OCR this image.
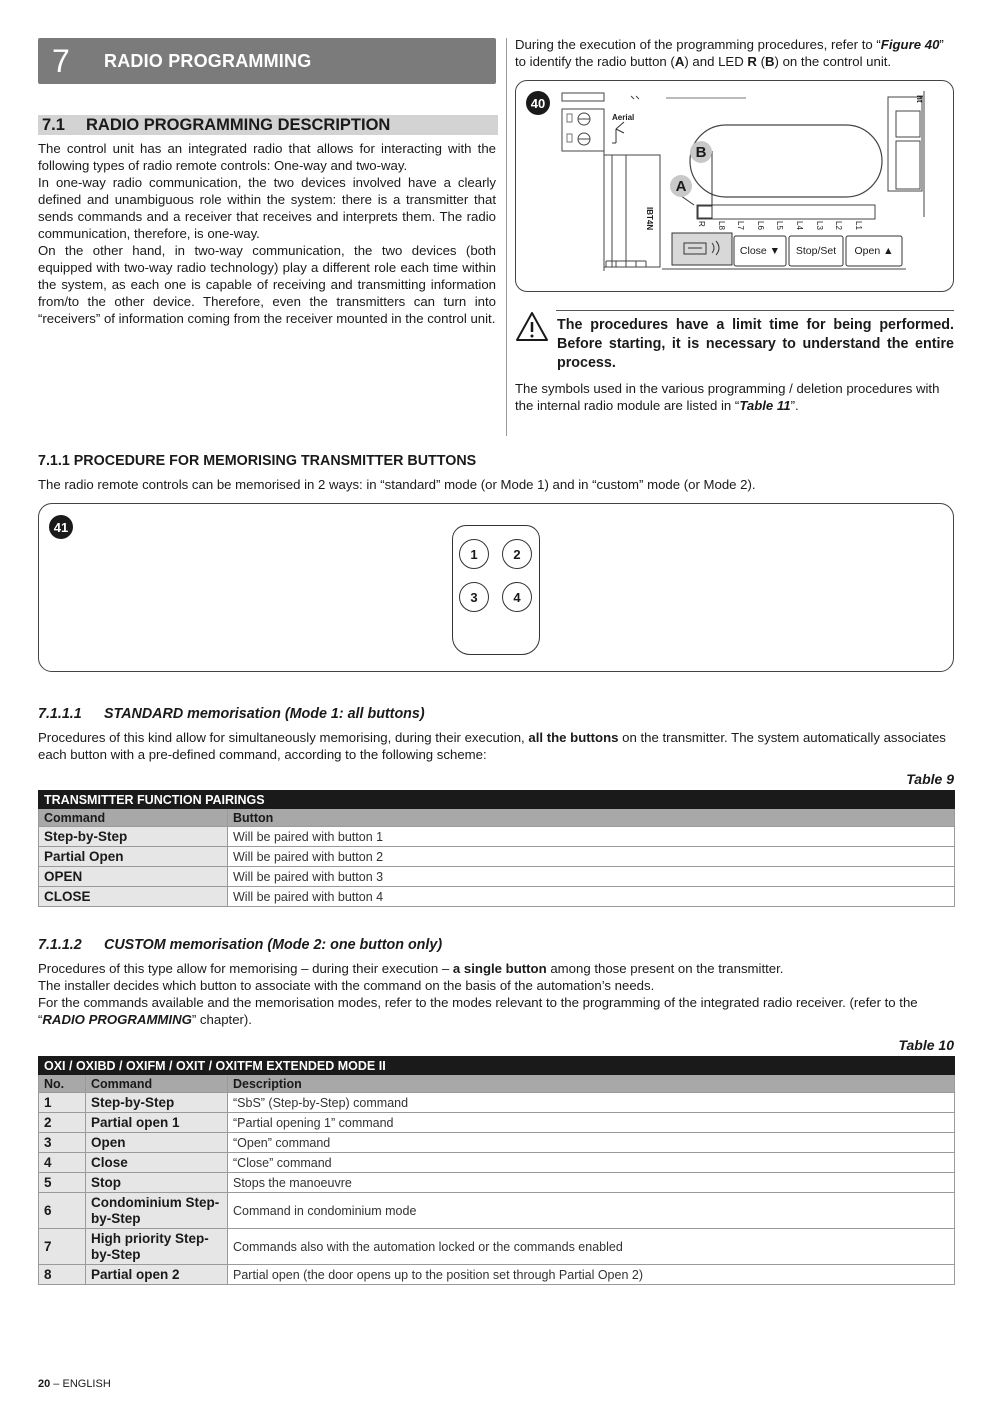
7	RADIO PROGRAMMING
7.1	RADIO PROGRAMMING DESCRIPTION

The control unit has an integrated radio that allows for interacting with the following types of radio remote controls: One-way and two-way.

In one-way radio communication, the two devices involved have a clearly defined and unambiguous role within the system: there is a transmitter that sends commands and a receiver that receives and interprets them. The radio communication, therefore, is one-way.

On the other hand, in two-way communication, the two devices (both equipped with two-way radio technology) play a different role each time within the system, as each one is capable of receiving and transmitting information from/to the other device. Therefore, even the transmitters can turn into “receivers” of information coming from the receiver mounted in the control unit.

During the execution of the programming procedures, refer to “Figure 40” to identify the radio button (A) and LED R (B) on the control unit.
40
Aerial
IBT4N
ht
A
B
R L8 L7 L6 L5 L4 L3 L2 L1
Close ▼	Stop/Set	Open ▲
The procedures have a limit time for being performed. Before starting, it is necessary to understand the entire process.
The symbols used in the various programming / deletion procedures with the internal radio module are listed in “Table 11”.
7.1.1 PROCEDURE FOR MEMORISING TRANSMITTER BUTTONS
The radio remote controls can be memorised in 2 ways: in “standard” mode (or Mode 1) and in “custom” mode (or Mode 2).
41
1	2
3	4
7.1.1.1 STANDARD memorisation (Mode 1: all buttons)
Procedures of this kind allow for simultaneously memorising, during their execution, all the buttons on the transmitter. The system automatically associates each button with a pre-defined command, according to the following scheme:
Table 9
TRANSMITTER FUNCTION PAIRINGS	
Command	Button
Step-by-Step	Will be paired with button 1
Partial Open	Will be paired with button 2
OPEN	Will be paired with button 3
CLOSE	Will be paired with button 4
7.1.1.2 CUSTOM memorisation (Mode 2: one button only)
Procedures of this type allow for memorising – during their execution – a single button among those present on the transmitter.
The installer decides which button to associate with the command on the basis of the automation’s needs.
For the commands available and the memorisation modes, refer to the modes relevant to the programming of the integrated radio receiver. (refer to the “RADIO PROGRAMMING” chapter).
Table 10
OXI / OXIBD / OXIFM / OXIT / OXITFM EXTENDED MODE II		
No.	Command	Description
1	Step-by-Step	“SbS” (Step-by-Step) command
2	Partial open 1	“Partial opening 1” command
3	Open	“Open” command
4	Close	“Close” command
5	Stop	Stops the manoeuvre
6	Condominium Step-by-Step	Command in condominium mode
7	High priority Step-by-Step	Commands also with the automation locked or the commands enabled
8	Partial open 2	Partial open (the door opens up to the position set through Partial Open 2)
20 – ENGLISH
